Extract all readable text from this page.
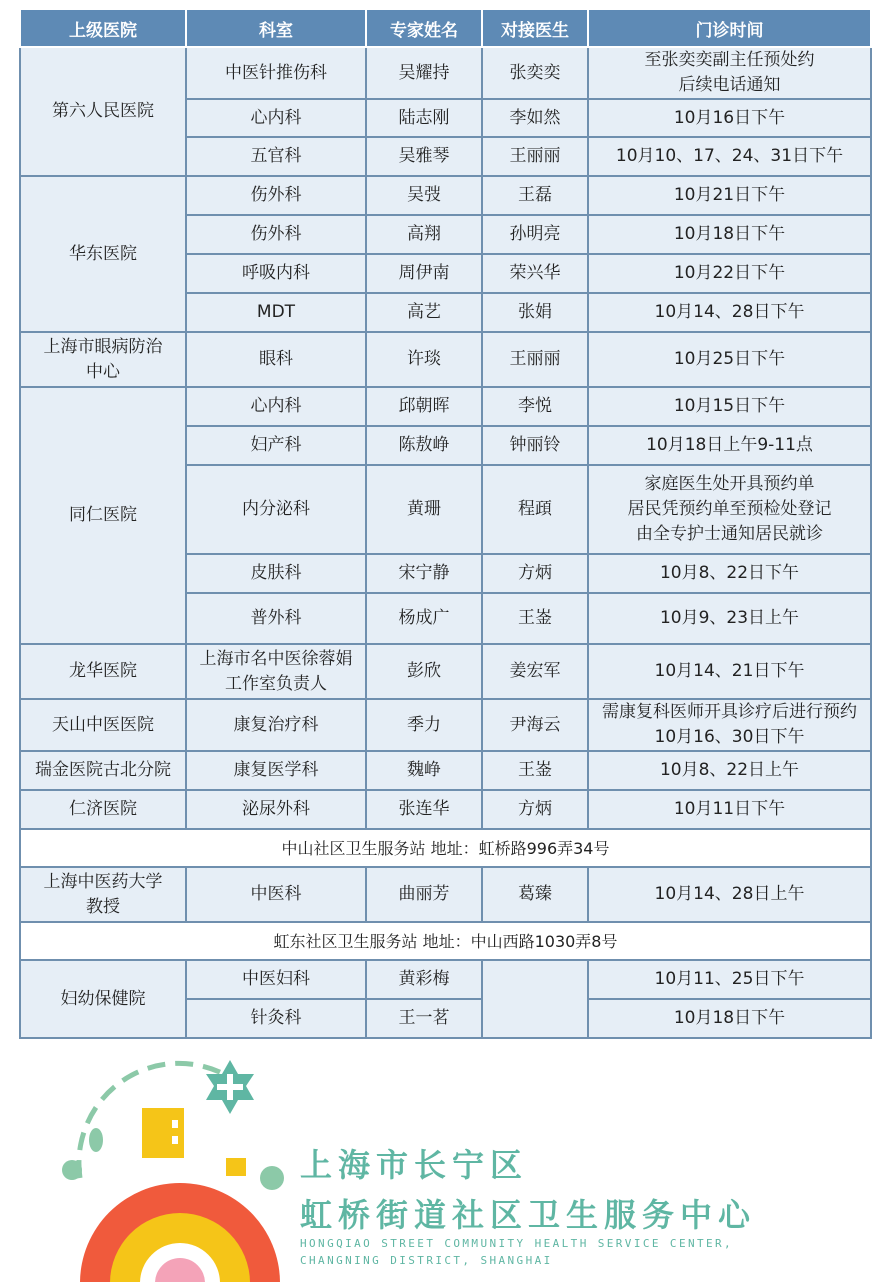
上级医院	科室	专家姓名	对接医生	门诊时间

第六人民医院	中医针推伤科	吴耀持	张奕奕	至张奕奕副主任预处约
后续电话通知

	心内科	陆志刚	李如然	10月16日下午

	五官科	吴雅琴	王丽丽	10月10、17、24、31日下午

华东医院	伤外科	吴弢	王磊	10月21日下午

	伤外科	高翔	孙明亮	10月18日下午

	呼吸内科	周伊南	荣兴华	10月22日下午

	MDT	高艺	张娟	10月14、28日下午

上海市眼病防治
中心	眼科	许琰	王丽丽	10月25日下午

同仁医院	心内科	邱朝晖	李悦	10月15日下午

	妇产科	陈敖峥	钟丽铃	10月18日上午9-11点

	内分泌科	黄珊	程頙	家庭医生处开具预约单
居民凭预约单至预检处登记
由全专护士通知居民就诊

	皮肤科	宋宁静	方炳	10月8、22日下午

	普外科	杨成广	王崟	10月9、23日上午

龙华医院	上海市名中医徐蓉娟
工作室负责人	彭欣	姜宏军	10月14、21日下午

天山中医医院	康复治疗科	季力	尹海云	需康复科医师开具诊疗后进行预约
10月16、30日下午

瑞金医院古北分院	康复医学科	魏峥	王崟	10月8、22日上午

仁济医院	泌尿外科	张连华	方炳	10月11日下午

中山社区卫生服务站 地址：虹桥路996弄34号				

上海中医药大学
教授	中医科	曲丽芳	葛臻	10月14、28日上午

虹东社区卫生服务站 地址：中山西路1030弄8号				

妇幼保健院	中医妇科	黄彩梅		10月11、25日下午

	针灸科	王一茗		10月18日下午
上海市长宁区
虹桥街道社区卫生服务中心
HONGQIAO STREET COMMUNITY HEALTH SERVICE CENTER,
CHANGNING DISTRICT, SHANGHAI
